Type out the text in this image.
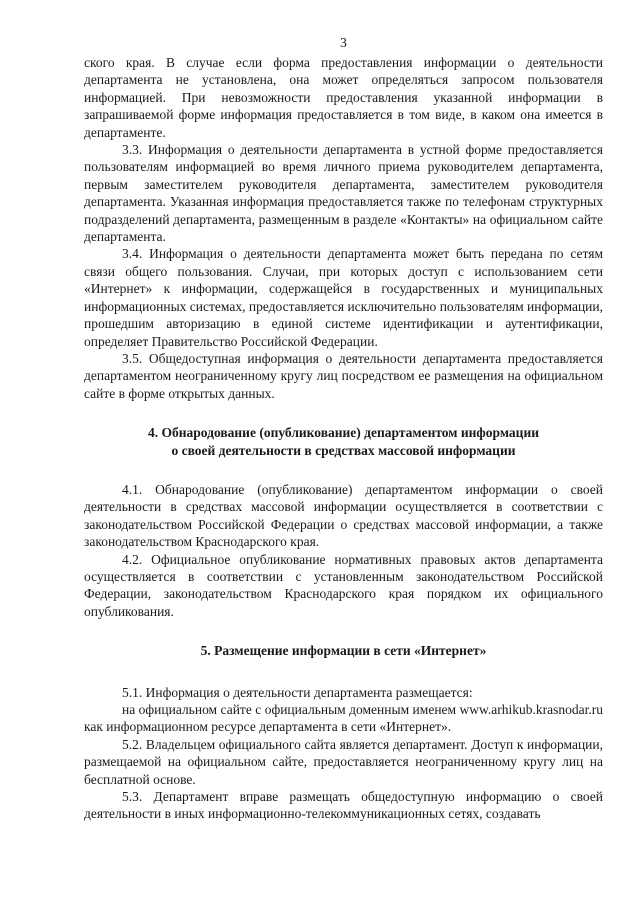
3

ского края. В случае если форма предоставления информации о деятельности департамента не установлена, она может определяться запросом пользователя информацией. При невозможности предоставления указанной информации в запрашиваемой форме информация предоставляется в том виде, в каком она имеется в департаменте.

3.3. Информация о деятельности департамента в устной форме предоставляется пользователям информацией во время личного приема руководителем департамента, первым заместителем руководителя департамента, заместителем руководителя департамента. Указанная информация предоставляется также по телефонам структурных подразделений департамента, размещенным в разделе «Контакты» на официальном сайте департамента.

3.4. Информация о деятельности департамента может быть передана по сетям связи общего пользования. Случаи, при которых доступ с использованием сети «Интернет» к информации, содержащейся в государственных и муниципальных информационных системах, предоставляется исключительно пользователям информации, прошедшим авторизацию в единой системе идентификации и аутентификации, определяет Правительство Российской Федерации.

3.5. Общедоступная информация о деятельности департамента предоставляется департаментом неограниченному кругу лиц посредством ее размещения на официальном сайте в форме открытых данных.

4. Обнародование (опубликование) департаментом информации
о своей деятельности в средствах массовой информации

4.1. Обнародование (опубликование) департаментом информации о своей деятельности в средствах массовой информации осуществляется в соответствии с законодательством Российской Федерации о средствах массовой информации, а также законодательством Краснодарского края.

4.2. Официальное опубликование нормативных правовых актов департамента осуществляется в соответствии с установленным законодательством Российской Федерации, законодательством Краснодарского края порядком их официального опубликования.

5. Размещение информации в сети «Интернет»

5.1. Информация о деятельности департамента размещается:

на официальном сайте с официальным доменным именем www.arhikub.krasnodar.ru как информационном ресурсе департамента в сети «Интернет».

5.2. Владельцем официального сайта является департамент. Доступ к информации, размещаемой на официальном сайте, предоставляется неограниченному кругу лиц на бесплатной основе.

5.3. Департамент вправе размещать общедоступную информацию о своей деятельности в иных информационно-телекоммуникационных сетях, создавать
